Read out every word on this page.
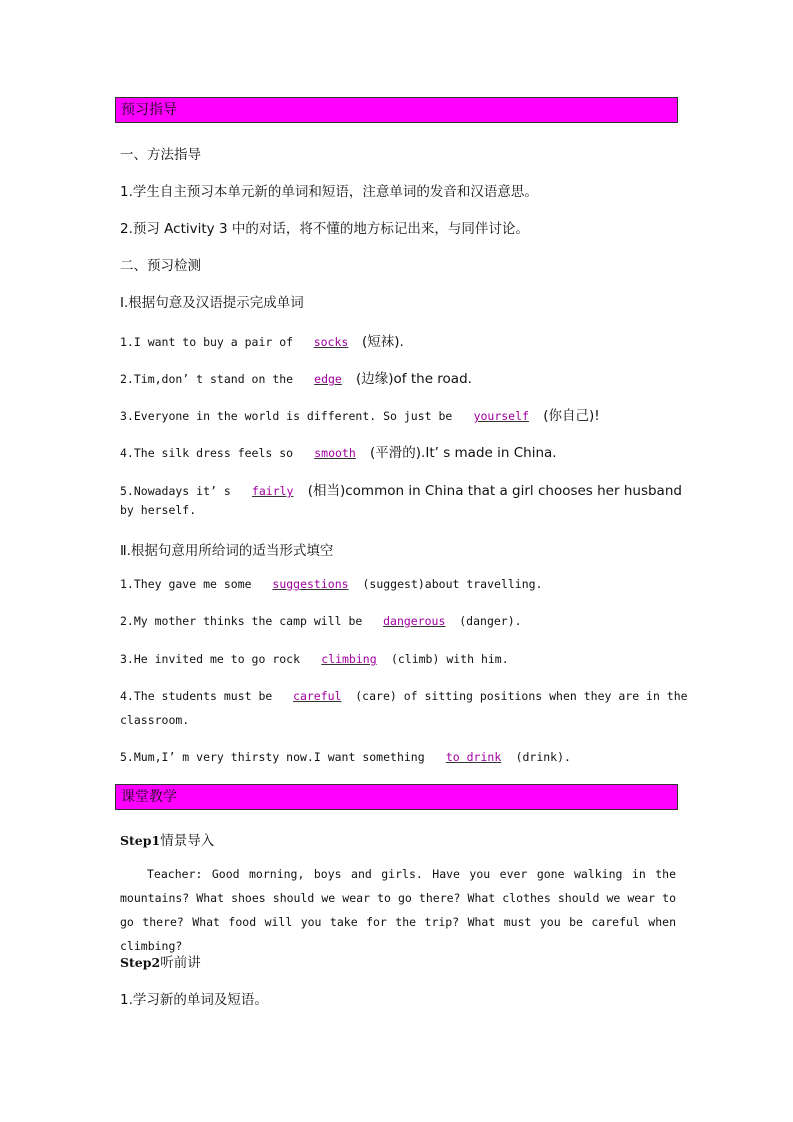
预习指导
一、方法指导
1.学生自主预习本单元新的单词和短语，注意单词的发音和汉语意思。
2.预习 Activity 3 中的对话，将不懂的地方标记出来，与同伴讨论。
二、预习检测
Ⅰ.根据句意及汉语提示完成单词
1.I want to buy a pair of socks (短袜).
2.Tim,don’ t stand on the edge (边缘)of the road.
3.Everyone in the world is different. So just be yourself (你自己)!
4.The silk dress feels so smooth (平滑的).It’ s made in China.
5.Nowadays it’ s fairly (相当)common in China that a girl chooses her husband
by herself.
Ⅱ.根据句意用所给词的适当形式填空
1.They gave me some suggestions (suggest)about travelling.
2.My mother thinks the camp will be dangerous (danger).
3.He invited me to go rock climbing (climb) with him.
4.The students must be careful (care) of sitting positions when they are in the
classroom.
5.Mum,I’ m very thirsty now.I want something to drink (drink).
课堂教学
Step1情景导入
Teacher: Good morning, boys and girls. Have you ever gone walking in the mountains? What shoes should we wear to go there? What clothes should we wear to go there? What food will you take for the trip? What must you be careful when climbing?
Step2听前讲
1.学习新的单词及短语。
